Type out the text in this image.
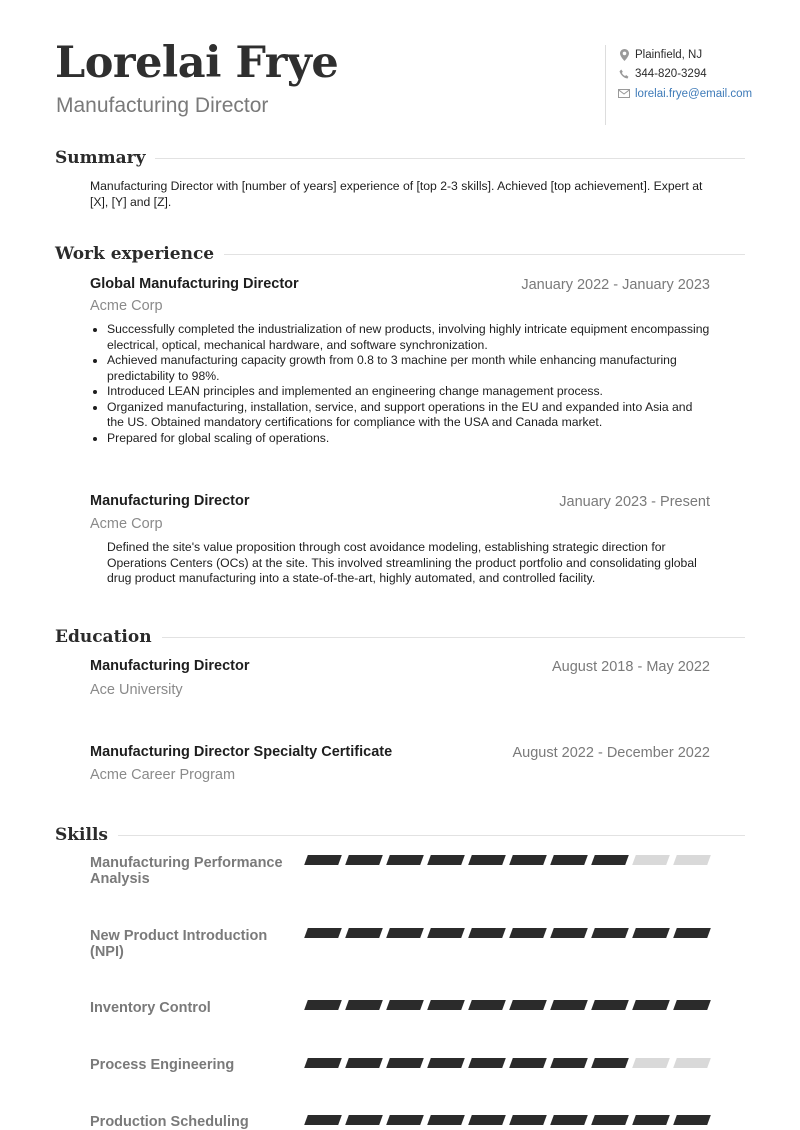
Lorelai Frye
Manufacturing Director
Plainfield, NJ
344-820-3294
lorelai.frye@email.com
Summary
Manufacturing Director with [number of years] experience of [top 2-3 skills]. Achieved [top achievement]. Expert at [X], [Y] and [Z].
Work experience
Global Manufacturing Director	January 2022 - January 2023
Acme Corp
• Successfully completed the industrialization of new products, involving highly intricate equipment encompassing electrical, optical, mechanical hardware, and software synchronization.
• Achieved manufacturing capacity growth from 0.8 to 3 machine per month while enhancing manufacturing predictability to 98%.
• Introduced LEAN principles and implemented an engineering change management process.
• Organized manufacturing, installation, service, and support operations in the EU and expanded into Asia and the US. Obtained mandatory certifications for compliance with the USA and Canada market.
• Prepared for global scaling of operations.
Manufacturing Director	January 2023 - Present
Acme Corp
Defined the site's value proposition through cost avoidance modeling, establishing strategic direction for Operations Centers (OCs) at the site. This involved streamlining the product portfolio and consolidating global drug product manufacturing into a state-of-the-art, highly automated, and controlled facility.
Education
Manufacturing Director	August 2018 - May 2022
Ace University
Manufacturing Director Specialty Certificate	August 2022 - December 2022
Acme Career Program
Skills
Manufacturing Performance Analysis
New Product Introduction (NPI)
Inventory Control
Process Engineering
Production Scheduling
